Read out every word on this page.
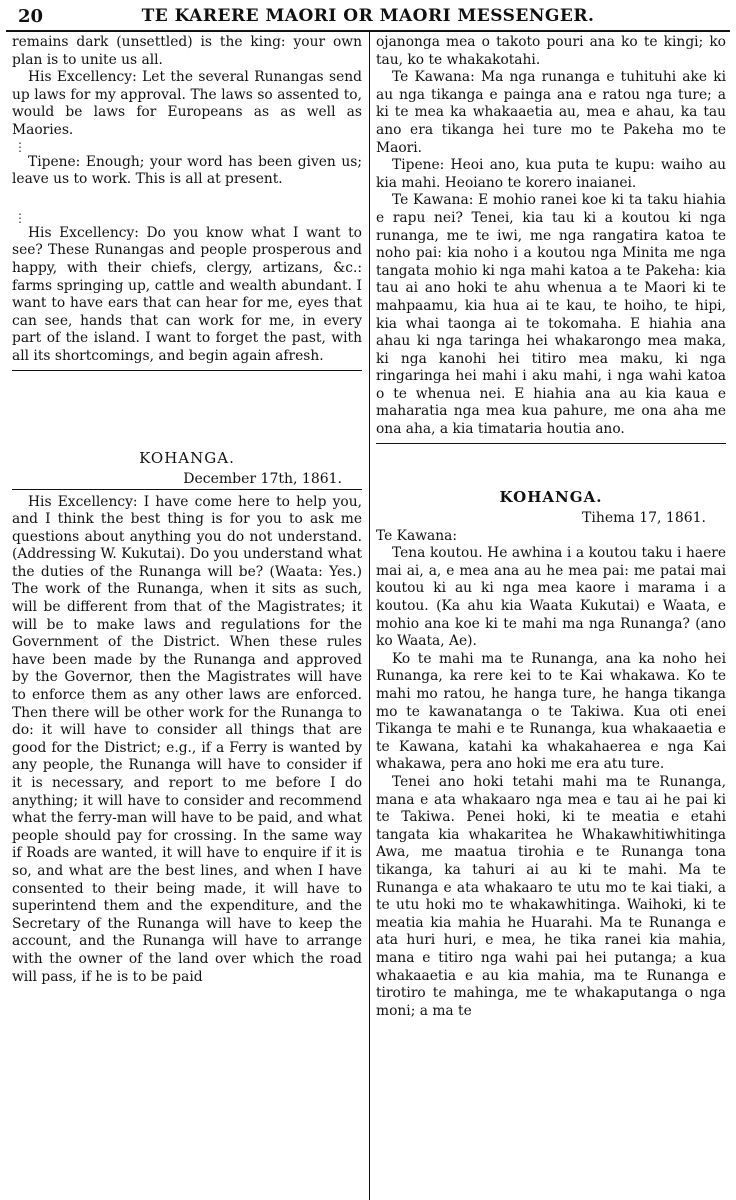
20	TE KARERE MAORI OR MAORI MESSENGER.

remains dark (unsettled) is the king: your own plan is to unite us all.

His Excellency: Let the several Runangas send up laws for my approval. The laws so assented to, would be laws for Europeans as as well as Maories.

⋮

Tipene: Enough; your word has been given us; leave us to work. This is all at present.

⋮

His Excellency: Do you know what I want to see? These Runangas and people prosperous and happy, with their chiefs, clergy, artizans, &c.: farms springing up, cattle and wealth abundant. I want to have ears that can hear for me, eyes that can see, hands that can work for me, in every part of the island. I want to forget the past, with all its shortcomings, and begin again afresh.

KOHANGA.

December 17th, 1861.

His Excellency: I have come here to help you, and I think the best thing is for you to ask me questions about anything you do not understand. (Addressing W. Kukutai). Do you understand what the duties of the Runanga will be? (Waata: Yes.) The work of the Runanga, when it sits as such, will be different from that of the Magistrates; it will be to make laws and regulations for the Government of the District. When these rules have been made by the Runanga and approved by the Governor, then the Magistrates will have to enforce them as any other laws are enforced. Then there will be other work for the Runanga to do: it will have to consider all things that are good for the District; e.g., if a Ferry is wanted by any people, the Runanga will have to consider if it is necessary, and report to me before I do anything; it will have to consider and recommend what the ferry-man will have to be paid, and what people should pay for crossing. In the same way if Roads are wanted, it will have to enquire if it is so, and what are the best lines, and when I have consented to their being made, it will have to superintend them and the expenditure, and the Secretary of the Runanga will have to keep the account, and the Runanga will have to arrange with the owner of the land over which the road will pass, if he is to be paid

ojanonga mea o takoto pouri ana ko te kingi; ko tau, ko te whakakotahi.

Te Kawana: Ma nga runanga e tuhituhi ake ki au nga tikanga e painga ana e ratou nga ture; a ki te mea ka whakaaetia au, mea e ahau, ka tau ano era tikanga hei ture mo te Pakeha mo te Maori.

Tipene: Heoi ano, kua puta te kupu: waiho au kia mahi. Heoiano te korero inaianei.

Te Kawana: E mohio ranei koe ki ta taku hiahia e rapu nei? Tenei, kia tau ki a koutou ki nga runanga, me te iwi, me nga rangatira katoa te noho pai: kia noho i a koutou nga Minita me nga tangata mohio ki nga mahi katoa a te Pakeha: kia tau ai ano hoki te ahu whenua a te Maori ki te mahpaamu, kia hua ai te kau, te hoiho, te hipi, kia whai taonga ai te tokomaha. E hiahia ana ahau ki nga taringa hei whakarongo mea maka, ki nga kanohi hei titiro mea maku, ki nga ringaringa hei mahi i aku mahi, i nga wahi katoa o te whenua nei. E hiahia ana au kia kaua e maharatia nga mea kua pahure, me ona aha me ona aha, a kia timataria houtia ano.

KOHANGA.

Tihema 17, 1861.

Te Kawana:

Tena koutou. He awhina i a koutou taku i haere mai ai, a, e mea ana au he mea pai: me patai mai koutou ki au ki nga mea kaore i marama i a koutou. (Ka ahu kia Waata Kukutai) e Waata, e mohio ana koe ki te mahi ma nga Runanga? (ano ko Waata, Ae).

Ko te mahi ma te Runanga, ana ka noho hei Runanga, ka rere kei to te Kai whakawa. Ko te mahi mo ratou, he hanga ture, he hanga tikanga mo te kawanatanga o te Takiwa. Kua oti enei Tikanga te mahi e te Runanga, kua whakaaetia e te Kawana, katahi ka whakahaerea e nga Kai whakawa, pera ano hoki me era atu ture.

Tenei ano hoki tetahi mahi ma te Runanga, mana e ata whakaaro nga mea e tau ai he pai ki te Takiwa. Penei hoki, ki te meatia e etahi tangata kia whakaritea he Whakawhitiwhitinga Awa, me maatua tirohia e te Runanga tona tikanga, ka tahuri ai au ki te mahi. Ma te Runanga e ata whakaaro te utu mo te kai tiaki, a te utu hoki mo te whakawhitinga. Waihoki, ki te meatia kia mahia he Huarahi. Ma te Runanga e ata huri huri, e mea, he tika ranei kia mahia, mana e titiro nga wahi pai hei putanga; a kua whakaaetia e au kia mahia, ma te Runanga e tirotiro te mahinga, me te whakaputanga o nga moni; a ma te
